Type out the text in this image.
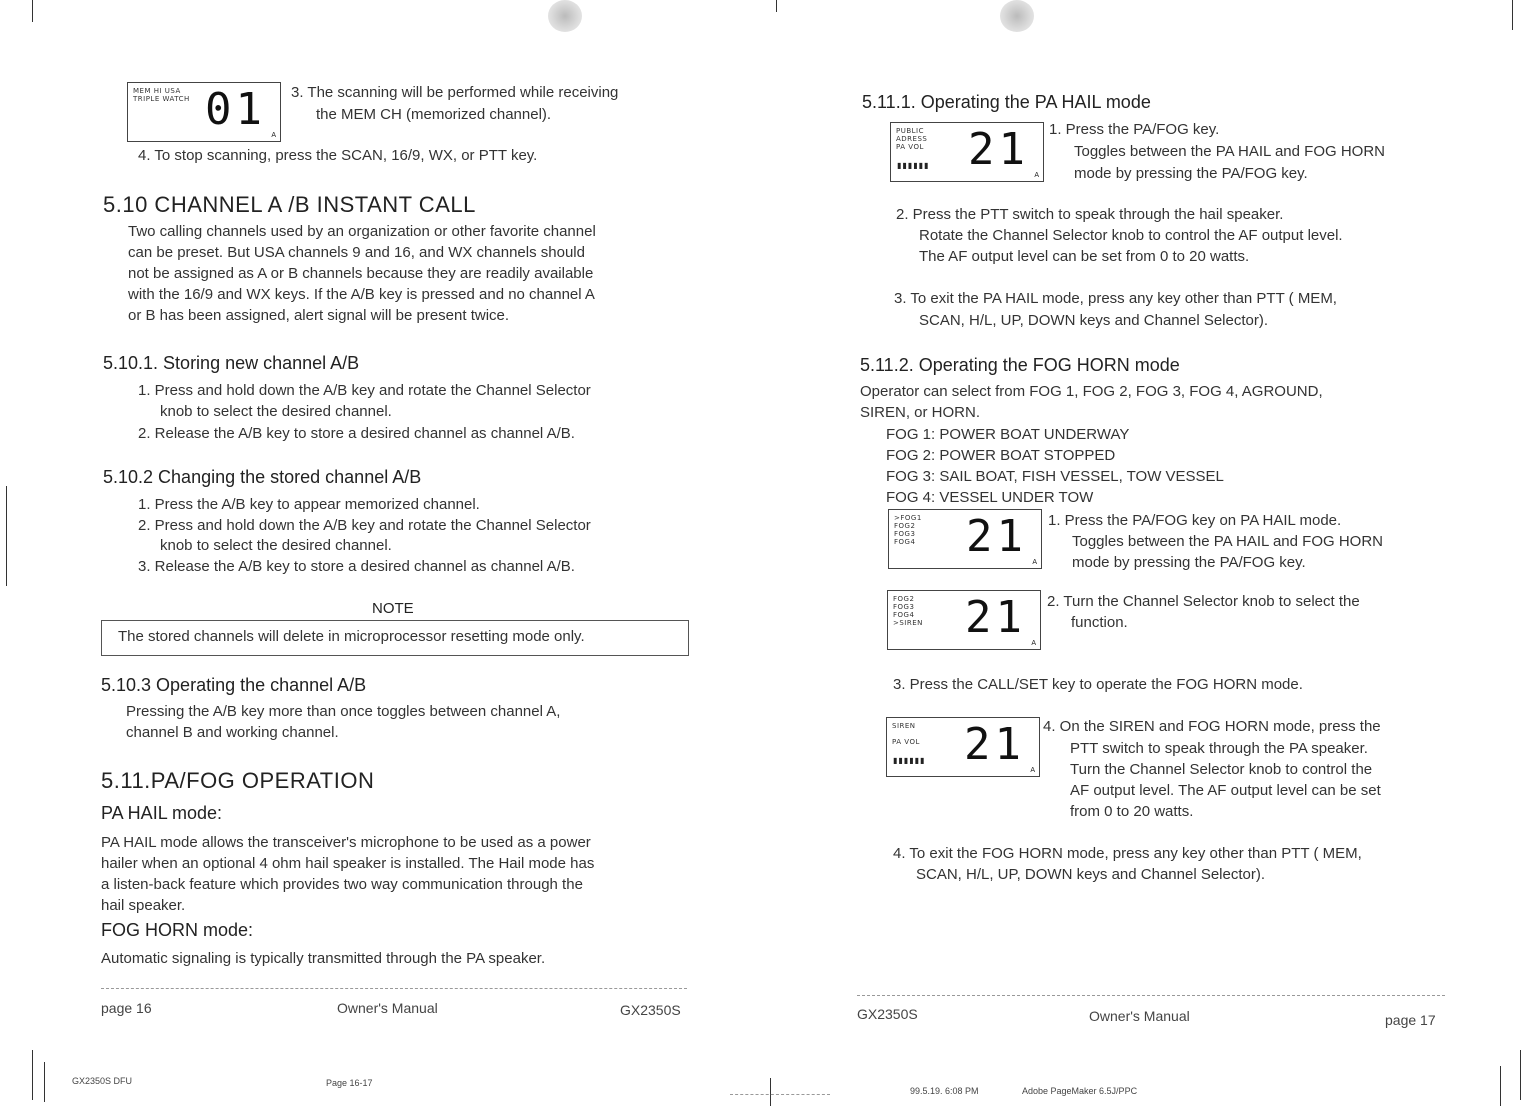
MEM HI USA
TRIPLE WATCH 01
A
3. The scanning will be performed while receiving
the MEM CH (memorized channel).
4. To stop scanning, press the SCAN, 16/9, WX, or PTT key.
5.10 CHANNEL A /B INSTANT CALL
Two calling channels used by an organization or other favorite channel
can be preset. But USA channels 9 and 16, and WX channels should
not be assigned as A or B channels because they are readily available
with the 16/9 and WX keys. If the A/B key is pressed and no channel A
or B has been assigned, alert signal will be present twice.
5.10.1. Storing new channel A/B
1. Press and hold down the A/B key and rotate the Channel Selector
knob to select the desired channel.
2. Release the A/B key to store a desired channel as channel A/B.
5.10.2 Changing the stored channel A/B
1. Press the A/B key to appear memorized channel.
2. Press and hold down the A/B key and rotate the Channel Selector
knob to select the desired channel.
3. Release the A/B key to store a desired channel as channel A/B.
NOTE
The stored channels will delete in microprocessor resetting mode only.
5.10.3 Operating the channel A/B
Pressing the A/B key more than once toggles between channel A,
channel B and working channel.
5.11.PA/FOG OPERATION
PA HAIL mode:
PA HAIL mode allows the transceiver's microphone to be used as a power
hailer when an optional 4 ohm hail speaker is installed. The Hail mode has
a listen-back feature which provides two way communication through the
hail speaker.
FOG HORN mode:
Automatic signaling is typically transmitted through the PA speaker.
page 16	Owner's Manual	GX2350S
5.11.1. Operating the PA HAIL mode
PUBLIC
ADRESS
PA VOL
▮▮▮▮▮▮ 21
A
1. Press the PA/FOG key.
Toggles between the PA HAIL and FOG HORN
mode by pressing the PA/FOG key.
2. Press the PTT switch to speak through the hail speaker.
Rotate the Channel Selector knob to control the AF output level.
The AF output level can be set from 0 to 20 watts.
3. To exit the PA HAIL mode, press any key other than PTT ( MEM,
SCAN, H/L, UP, DOWN keys and Channel Selector).
5.11.2. Operating the FOG HORN mode
Operator can select from FOG 1, FOG 2, FOG 3, FOG 4, AGROUND,
SIREN, or HORN.
FOG 1: POWER BOAT UNDERWAY
FOG 2: POWER BOAT STOPPED
FOG 3: SAIL BOAT, FISH VESSEL, TOW VESSEL
FOG 4: VESSEL UNDER TOW
>FOG1
FOG2
FOG3
FOG4 21
A
1. Press the PA/FOG key on PA HAIL mode.
Toggles between the PA HAIL and FOG HORN
mode by pressing the PA/FOG key.
FOG2
FOG3
FOG4
>SIREN 21
A
2. Turn the Channel Selector knob to select the
function.
3. Press the CALL/SET key to operate the FOG HORN mode.
SIREN

PA VOL
▮▮▮▮▮▮ 21
A
4. On the SIREN and FOG HORN mode, press the
PTT switch to speak through the PA speaker.
Turn the Channel Selector knob to control the
AF output level. The AF output level can be set
from 0 to 20 watts.
4. To exit the FOG HORN mode, press any key other than PTT ( MEM,
SCAN, H/L, UP, DOWN keys and Channel Selector).
GX2350S	Owner's Manual	page 17
GX2350S DFU	Page 16-17
99.5.19. 6:08 PM	Adobe PageMaker 6.5J/PPC
